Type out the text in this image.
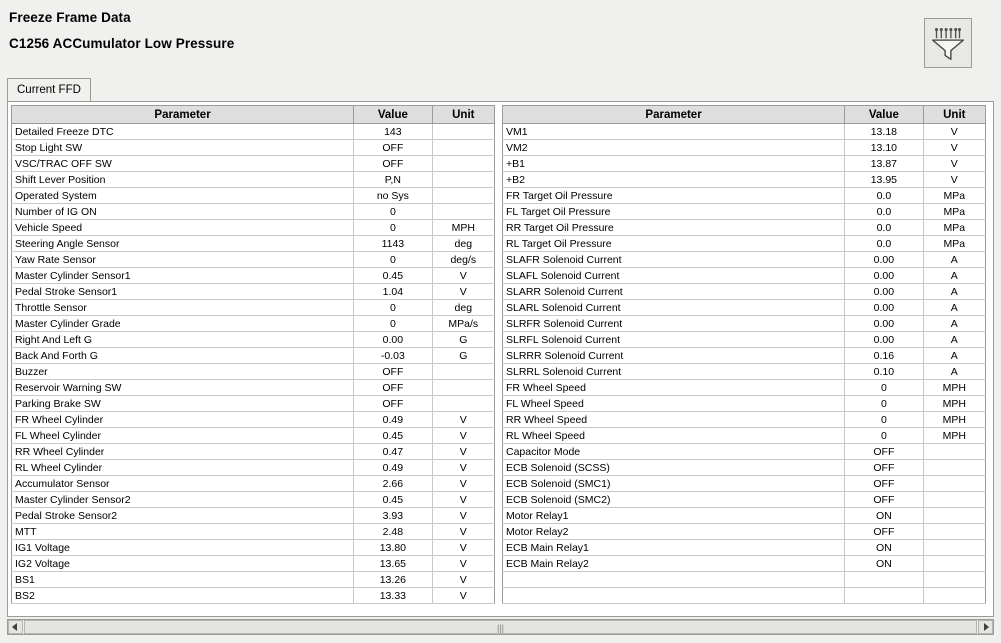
Freeze Frame Data
C1256 ACCumulator Low Pressure
Current FFD
Parameter	Value	Unit
Detailed Freeze DTC	143	
Stop Light SW	OFF	
VSC/TRAC OFF SW	OFF	
Shift Lever Position	P,N	
Operated System	no Sys	
Number of IG ON	0	
Vehicle Speed	0	MPH
Steering Angle Sensor	1143	deg
Yaw Rate Sensor	0	deg/s
Master Cylinder Sensor1	0.45	V
Pedal Stroke Sensor1	1.04	V
Throttle Sensor	0	deg
Master Cylinder Grade	0	MPa/s
Right And Left G	0.00	G
Back And Forth G	-0.03	G
Buzzer	OFF	
Reservoir Warning SW	OFF	
Parking Brake SW	OFF	
FR Wheel Cylinder	0.49	V
FL Wheel Cylinder	0.45	V
RR Wheel Cylinder	0.47	V
RL Wheel Cylinder	0.49	V
Accumulator Sensor	2.66	V
Master Cylinder Sensor2	0.45	V
Pedal Stroke Sensor2	3.93	V
MTT	2.48	V
IG1 Voltage	13.80	V
IG2 Voltage	13.65	V
BS1	13.26	V
BS2	13.33	V
Parameter	Value	Unit
VM1	13.18	V
VM2	13.10	V
+B1	13.87	V
+B2	13.95	V
FR Target Oil Pressure	0.0	MPa
FL Target Oil Pressure	0.0	MPa
RR Target Oil Pressure	0.0	MPa
RL Target Oil Pressure	0.0	MPa
SLAFR Solenoid Current	0.00	A
SLAFL Solenoid Current	0.00	A
SLARR Solenoid Current	0.00	A
SLARL Solenoid Current	0.00	A
SLRFR Solenoid Current	0.00	A
SLRFL Solenoid Current	0.00	A
SLRRR Solenoid Current	0.16	A
SLRRL Solenoid Current	0.10	A
FR Wheel Speed	0	MPH
FL Wheel Speed	0	MPH
RR Wheel Speed	0	MPH
RL Wheel Speed	0	MPH
Capacitor Mode	OFF	
ECB Solenoid (SCSS)	OFF	
ECB Solenoid (SMC1)	OFF	
ECB Solenoid (SMC2)	OFF	
Motor Relay1	ON	
Motor Relay2	OFF	
ECB Main Relay1	ON	
ECB Main Relay2	ON	

|||
